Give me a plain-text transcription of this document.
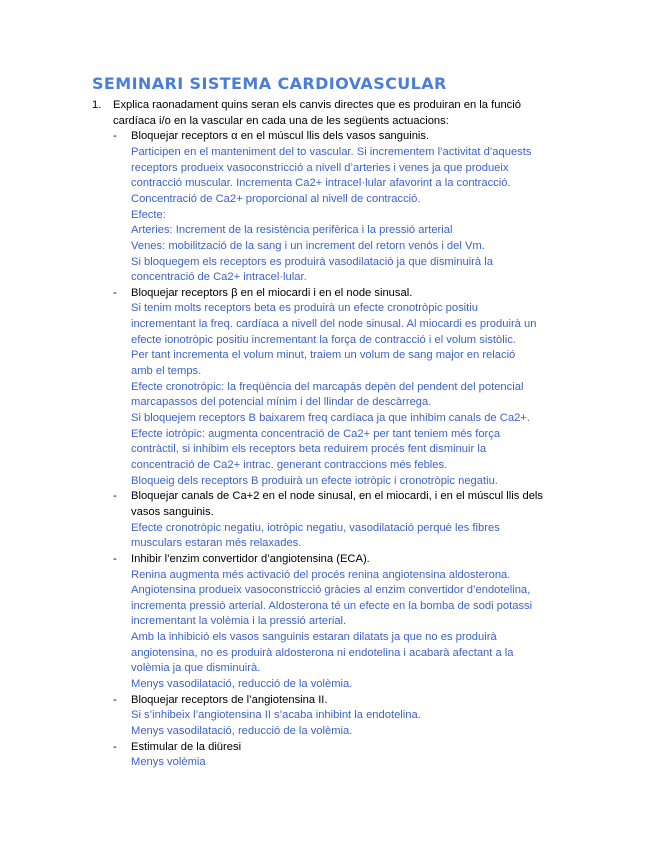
SEMINARI SISTEMA CARDIOVASCULAR
1. Explica raonadament quins seran els canvis directes que es produiran en la funció
cardíaca i/o en la vascular en cada una de les següents actuacions:
- Bloquejar receptors α en el múscul llis dels vasos sanguinis.
Participen en el manteniment del to vascular. Si incrementem l’activitat d’aquests
receptors produeix vasoconstricció a nivell d’arteries i venes ja que produeix
contracció muscular. Incrementa Ca2+ intracel·lular afavorint a la contracció.
Concentració de Ca2+ proporcional al nivell de contracció.
Efecte:
Arteries: Increment de la resistència perifèrica i la pressió arterial
Venes: mobilització de la sang i un increment del retorn venós i del Vm.
Si bloquegem els receptors es produirà vasodilatació ja que disminuirà la
concentració de Ca2+ intracel·lular.
- Bloquejar receptors β en el miocardi i en el node sinusal.
Si tenim molts receptors beta es produirà un efecte cronotròpic positiu
incrementant la freq. cardíaca a nivell del node sinusal. Al miocardi es produirà un
efecte ionotròpic positiu incrementant la força de contracció i el volum sistòlic.
Per tant incrementa el volum minut, traiem un volum de sang major en relació
amb el temps.
Efecte cronotròpic: la freqüència del marcapàs depèn del pendent del potencial
marcapassos del potencial mínim i del llindar de descàrrega.
Si bloquejem receptors B baixarem freq cardíaca ja que inhibim canals de Ca2+.
Efecte iotròpic: augmenta concentració de Ca2+ per tant teniem més força
contràctil, si inhibim els receptors beta reduirem procés fent disminuir la
concentració de Ca2+ intrac. generant contraccions més febles.
Bloqueig dels receptors B produirà un efecte iotròpic i cronotròpic negatiu.
- Bloquejar canals de Ca+2 en el node sinusal, en el miocardi, i en el múscul llis dels
vasos sanguinis.
Efecte cronotròpic negatiu, iotròpic negatiu, vasodilatació perquè les fibres
musculars estaran més relaxades.
- Inhibir l’enzim convertidor d’angiotensina (ECA).
Renina augmenta més activació del procés renina angiotensina aldosterona.
Angiotensina produeix vasoconstricció gràcies al enzim convertidor d’endotelina,
incrementa pressió arterial. Aldosterona té un efecte en la bomba de sodi potassi
incrementant la volèmia i la pressió arterial.
Amb la inhibició els vasos sanguinis estaran dilatats ja que no es produirà
angiotensina, no es produirà aldosterona ni endotelina i acabarà afectant a la
volèmia ja que disminuirà.
Menys vasodilatació, reducció de la volèmia.
- Bloquejar receptors de l’angiotensina II.
Si s’inhibeix l’angiotensina II s’acaba inhibint la endotelina.
Menys vasodilatació, reducció de la volèmia.
- Estimular de la diüresi
Menys volèmia
